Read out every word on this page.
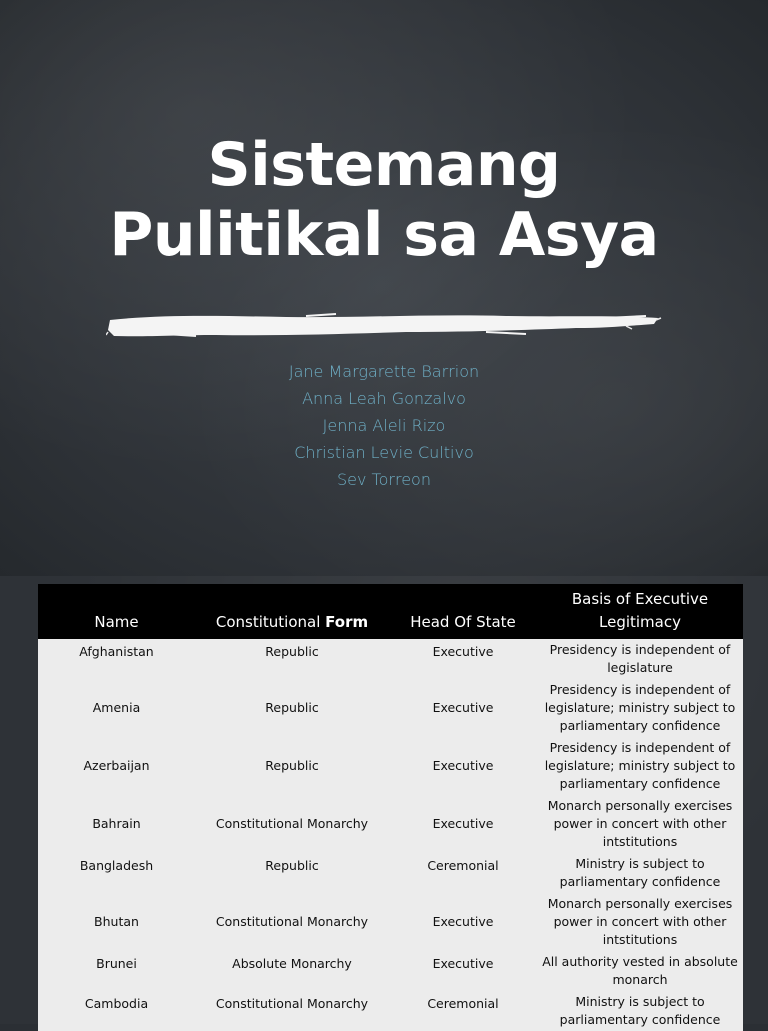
Sistemang
Pulitikal sa Asya
Jane Margarette Barrion
Anna Leah Gonzalvo
Jenna Aleli Rizo
Christian Levie Cultivo
Sev Torreon
Name	Constitutional Form	Head Of State	Basis of Executive Legitimacy
Afghanistan	Republic	Executive	Presidency is independent of legislature
Amenia	Republic	Executive	Presidency is independent of legislature; ministry subject to parliamentary confidence
Azerbaijan	Republic	Executive	Presidency is independent of legislature; ministry subject to parliamentary confidence
Bahrain	Constitutional Monarchy	Executive	Monarch personally exercises power in concert with other intstitutions
Bangladesh	Republic	Ceremonial	Ministry is subject to parliamentary confidence
Bhutan	Constitutional Monarchy	Executive	Monarch personally exercises power in concert with other intstitutions
Brunei	Absolute Monarchy	Executive	All authority vested in absolute monarch
Cambodia	Constitutional Monarchy	Ceremonial	Ministry is subject to parliamentary confidence
